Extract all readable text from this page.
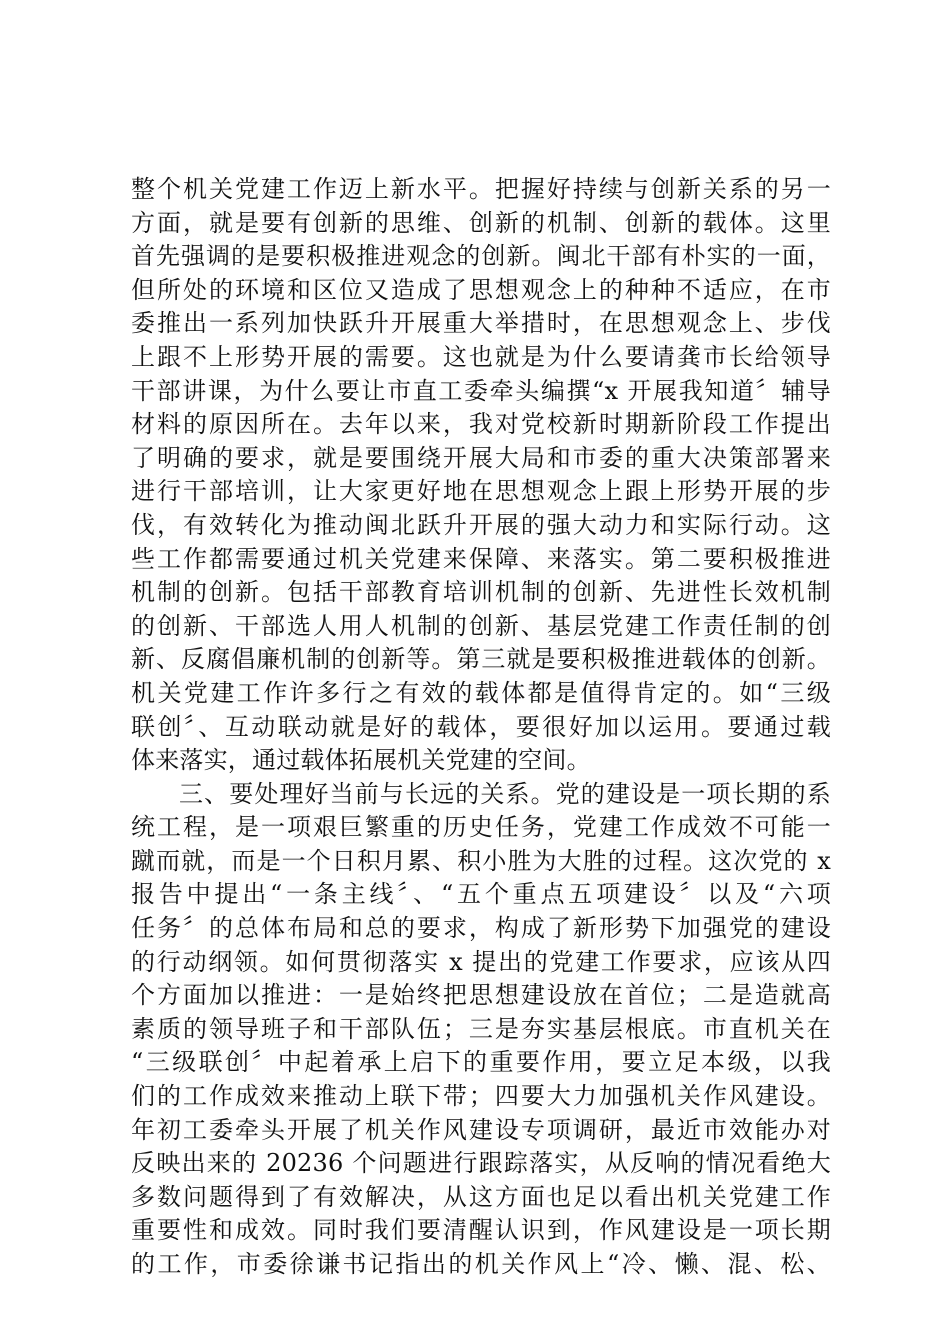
整个机关党建工作迈上新水平。把握好持续与创新关系的另一
方面，就是要有创新的思维、创新的机制、创新的载体。这里
首先强调的是要积极推进观念的创新。闽北干部有朴实的一面，
但所处的环境和区位又造成了思想观念上的种种不适应，在市
委推出一系列加快跃升开展重大举措时，在思想观念上、步伐
上跟不上形势开展的需要。这也就是为什么要请龚市长给领导
干部讲课，为什么要让市直工委牵头编撰“x 开展我知道〞辅导
材料的原因所在。去年以来，我对党校新时期新阶段工作提出
了明确的要求，就是要围绕开展大局和市委的重大决策部署来
进行干部培训，让大家更好地在思想观念上跟上形势开展的步
伐，有效转化为推动闽北跃升开展的强大动力和实际行动。这
些工作都需要通过机关党建来保障、来落实。第二要积极推进
机制的创新。包括干部教育培训机制的创新、先进性长效机制
的创新、干部选人用人机制的创新、基层党建工作责任制的创
新、反腐倡廉机制的创新等。第三就是要积极推进载体的创新。
机关党建工作许多行之有效的载体都是值得肯定的。如“三级
联创〞、互动联动就是好的载体，要很好加以运用。要通过载
体来落实，通过载体拓展机关党建的空间。
三、要处理好当前与长远的关系。党的建设是一项长期的系
统工程，是一项艰巨繁重的历史任务，党建工作成效不可能一
蹴而就，而是一个日积月累、积小胜为大胜的过程。这次党的 x
报告中提出“一条主线〞、“五个重点五项建设〞以及“六项
任务〞的总体布局和总的要求，构成了新形势下加强党的建设
的行动纲领。如何贯彻落实 x 提出的党建工作要求，应该从四
个方面加以推进：一是始终把思想建设放在首位；二是造就高
素质的领导班子和干部队伍；三是夯实基层根底。市直机关在
“三级联创〞中起着承上启下的重要作用，要立足本级，以我
们的工作成效来推动上联下带；四要大力加强机关作风建设。
年初工委牵头开展了机关作风建设专项调研，最近市效能办对
反映出来的 20236 个问题进行跟踪落实，从反响的情况看绝大
多数问题得到了有效解决，从这方面也足以看出机关党建工作
重要性和成效。同时我们要清醒认识到，作风建设是一项长期
的工作，市委徐谦书记指出的机关作风上“冷、懒、混、松、
